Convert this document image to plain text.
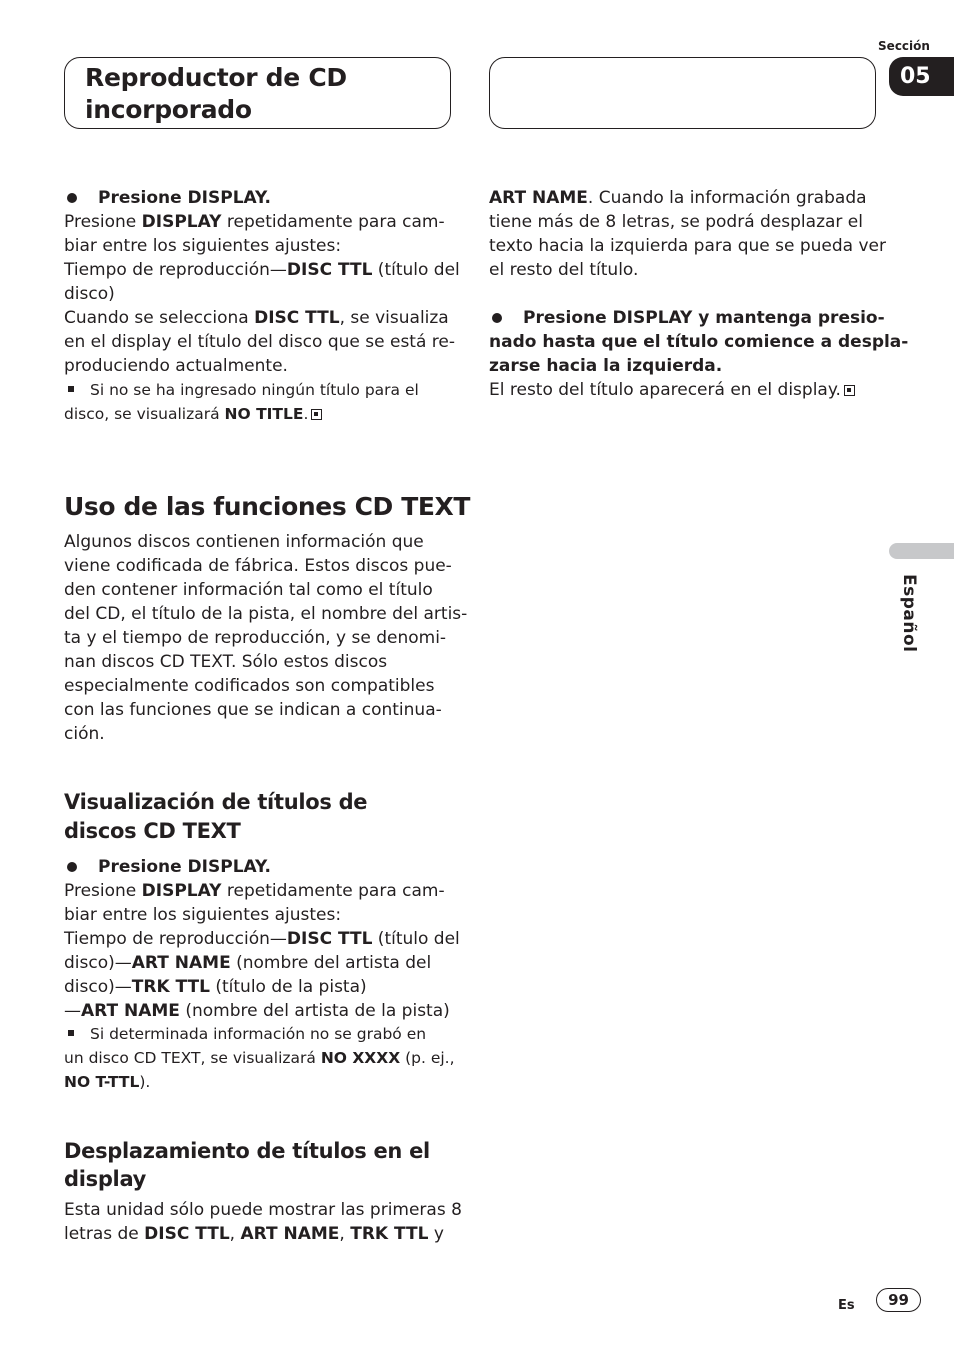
Reproductor de CD
incorporado
Sección
05
Español

Presione DISPLAY.

Presione DISPLAY repetidamente para cam-

biar entre los siguientes ajustes:

Tiempo de reproducción—DISC TTL (título del

disco)

Cuando se selecciona DISC TTL, se visualiza

en el display el título del disco que se está re-

produciendo actualmente.

Si no se ha ingresado ningún título para el

disco, se visualizará NO TITLE.

Uso de las funciones CD TEXT

Algunos discos contienen información que

viene codificada de fábrica. Estos discos pue-

den contener información tal como el título

del CD, el título de la pista, el nombre del artis-

ta y el tiempo de reproducción, y se denomi-

nan discos CD TEXT. Sólo estos discos

especialmente codificados son compatibles

con las funciones que se indican a continua-

ción.

Visualización de títulos de
discos CD TEXT

Presione DISPLAY.

Presione DISPLAY repetidamente para cam-

biar entre los siguientes ajustes:

Tiempo de reproducción—DISC TTL (título del

disco)—ART NAME (nombre del artista del

disco)—TRK TTL (título de la pista)

—ART NAME (nombre del artista de la pista)

Si determinada información no se grabó en

un disco CD TEXT, se visualizará NO XXXX (p. ej.,

NO T-TTL).

Desplazamiento de títulos en el
display

Esta unidad sólo puede mostrar las primeras 8

letras de DISC TTL, ART NAME, TRK TTL y

ART NAME. Cuando la información grabada

tiene más de 8 letras, se podrá desplazar el

texto hacia la izquierda para que se pueda ver

el resto del título.

Presione DISPLAY y mantenga presio-

nado hasta que el título comience a despla-

zarse hacia la izquierda.

El resto del título aparecerá en el display.

Es	99
